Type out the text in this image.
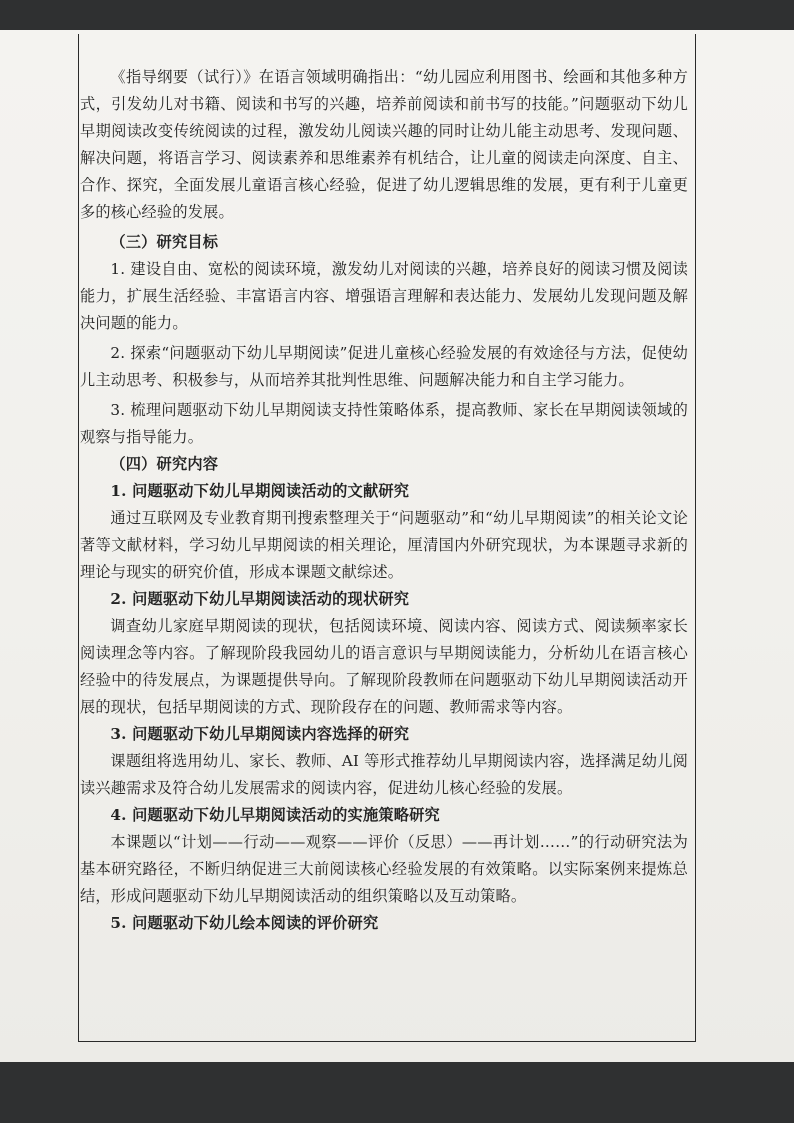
《指导纲要（试行）》在语言领域明确指出：“幼儿园应利用图书、绘画和其他多种方式，引发幼儿对书籍、阅读和书写的兴趣，培养前阅读和前书写的技能。”问题驱动下幼儿早期阅读改变传统阅读的过程，激发幼儿阅读兴趣的同时让幼儿能主动思考、发现问题、解决问题，将语言学习、阅读素养和思维素养有机结合，让儿童的阅读走向深度、自主、合作、探究，全面发展儿童语言核心经验，促进了幼儿逻辑思维的发展，更有利于儿童更多的核心经验的发展。

（三）研究目标

1. 建设自由、宽松的阅读环境，激发幼儿对阅读的兴趣，培养良好的阅读习惯及阅读能力，扩展生活经验、丰富语言内容、增强语言理解和表达能力、发展幼儿发现问题及解决问题的能力。

2. 探索“问题驱动下幼儿早期阅读”促进儿童核心经验发展的有效途径与方法，促使幼儿主动思考、积极参与，从而培养其批判性思维、问题解决能力和自主学习能力。

3. 梳理问题驱动下幼儿早期阅读支持性策略体系，提高教师、家长在早期阅读领域的观察与指导能力。

（四）研究内容

1. 问题驱动下幼儿早期阅读活动的文献研究

通过互联网及专业教育期刊搜索整理关于“问题驱动”和“幼儿早期阅读”的相关论文论著等文献材料，学习幼儿早期阅读的相关理论，厘清国内外研究现状，为本课题寻求新的理论与现实的研究价值，形成本课题文献综述。

2. 问题驱动下幼儿早期阅读活动的现状研究

调查幼儿家庭早期阅读的现状，包括阅读环境、阅读内容、阅读方式、阅读频率家长阅读理念等内容。了解现阶段我园幼儿的语言意识与早期阅读能力，分析幼儿在语言核心经验中的待发展点，为课题提供导向。了解现阶段教师在问题驱动下幼儿早期阅读活动开展的现状，包括早期阅读的方式、现阶段存在的问题、教师需求等内容。

3. 问题驱动下幼儿早期阅读内容选择的研究

课题组将选用幼儿、家长、教师、AI 等形式推荐幼儿早期阅读内容，选择满足幼儿阅读兴趣需求及符合幼儿发展需求的阅读内容，促进幼儿核心经验的发展。

4. 问题驱动下幼儿早期阅读活动的实施策略研究

本课题以“计划——行动——观察——评价（反思）——再计划……”的行动研究法为基本研究路径，不断归纳促进三大前阅读核心经验发展的有效策略。以实际案例来提炼总结，形成问题驱动下幼儿早期阅读活动的组织策略以及互动策略。

5. 问题驱动下幼儿绘本阅读的评价研究
